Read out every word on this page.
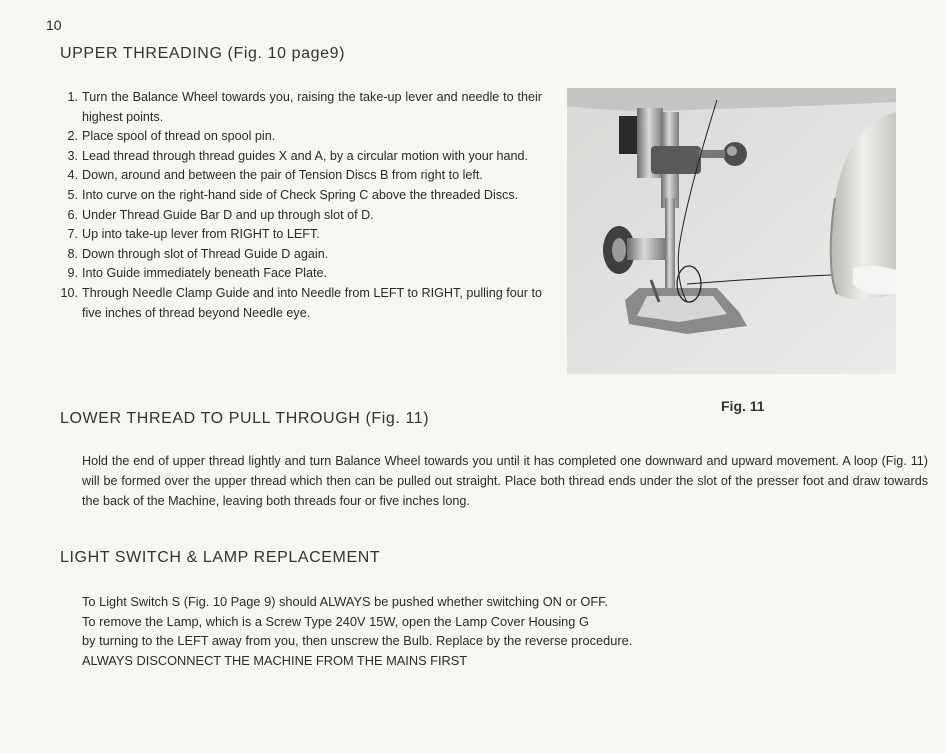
10
UPPER THREADING (Fig. 10 page9)
1. Turn the Balance Wheel towards you, raising the take-up lever and needle to their highest points.
2. Place spool of thread on spool pin.
3. Lead thread through thread guides X and A, by a circular motion with your hand.
4. Down, around and between the pair of Tension Discs B from right to left.
5. Into curve on the right-hand side of Check Spring C above the threaded Discs.
6. Under Thread Guide Bar D and up through slot of D.
7. Up into take-up lever from RIGHT to LEFT.
8. Down through slot of Thread Guide D again.
9. Into Guide immediately beneath Face Plate.
10. Through Needle Clamp Guide and into Needle from LEFT to RIGHT, pulling four to five inches of thread beyond Needle eye.
Fig. 11
LOWER THREAD TO PULL THROUGH (Fig. 11)
Hold the end of upper thread lightly and turn Balance Wheel towards you until it has completed one downward and upward movement. A loop (Fig. 11) will be formed over the upper thread which then can be pulled out straight. Place both thread ends under the slot of the presser foot and draw towards the back of the Machine, leaving both threads four or five inches long.
LIGHT SWITCH & LAMP REPLACEMENT
To Light Switch S (Fig. 10 Page 9) should ALWAYS be pushed whether switching ON or OFF.
To remove the Lamp, which is a Screw Type 240V 15W, open the Lamp Cover Housing G
by turning to the LEFT away from you, then unscrew the Bulb. Replace by the reverse procedure.
ALWAYS DISCONNECT THE MACHINE FROM THE MAINS FIRST
